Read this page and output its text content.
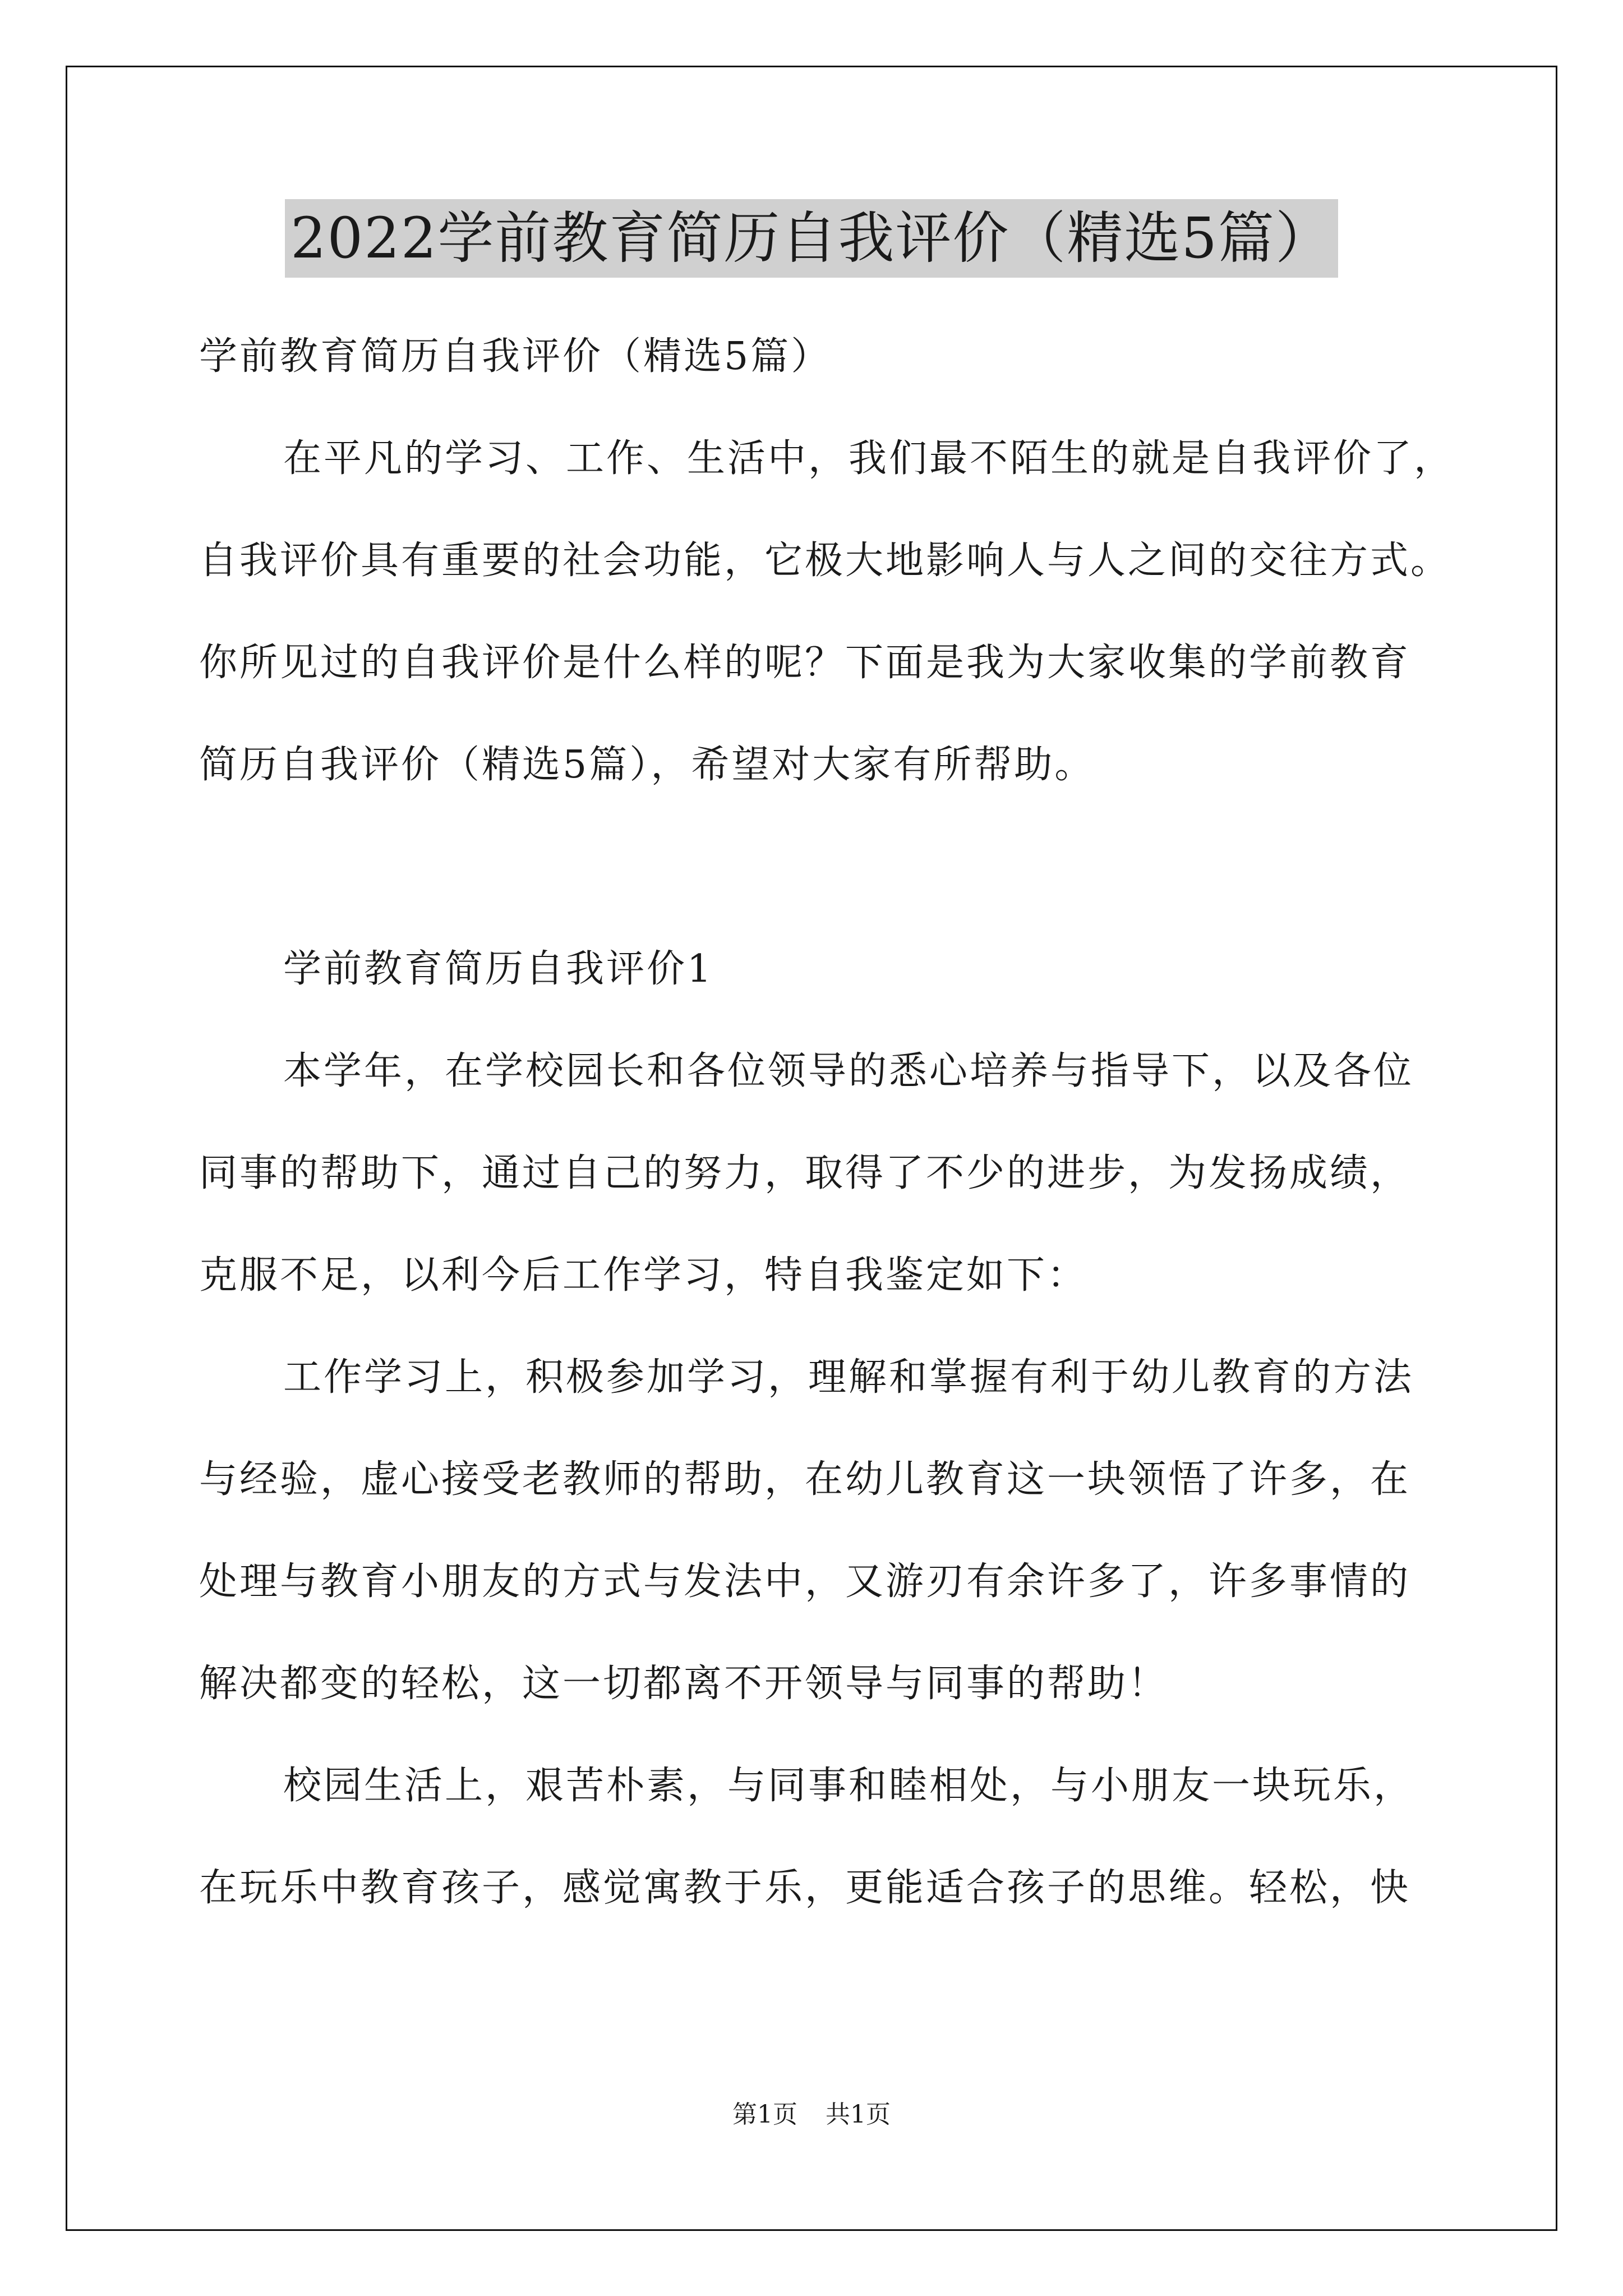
2022学前教育简历自我评价（精选5篇）
学前教育简历自我评价（精选5篇）
在平凡的学习、工作、生活中，我们最不陌生的就是自我评价了，
自我评价具有重要的社会功能，它极大地影响人与人之间的交往方式。
你所见过的自我评价是什么样的呢？下面是我为大家收集的学前教育
简历自我评价（精选5篇），希望对大家有所帮助。
学前教育简历自我评价1
本学年，在学校园长和各位领导的悉心培养与指导下，以及各位
同事的帮助下，通过自己的努力，取得了不少的进步，为发扬成绩，
克服不足，以利今后工作学习，特自我鉴定如下：
工作学习上，积极参加学习，理解和掌握有利于幼儿教育的方法
与经验，虚心接受老教师的帮助，在幼儿教育这一块领悟了许多，在
处理与教育小朋友的方式与发法中，又游刃有余许多了，许多事情的
解决都变的轻松，这一切都离不开领导与同事的帮助！
校园生活上，艰苦朴素，与同事和睦相处，与小朋友一块玩乐，
在玩乐中教育孩子，感觉寓教于乐，更能适合孩子的思维。轻松，快
第1页 共1页
